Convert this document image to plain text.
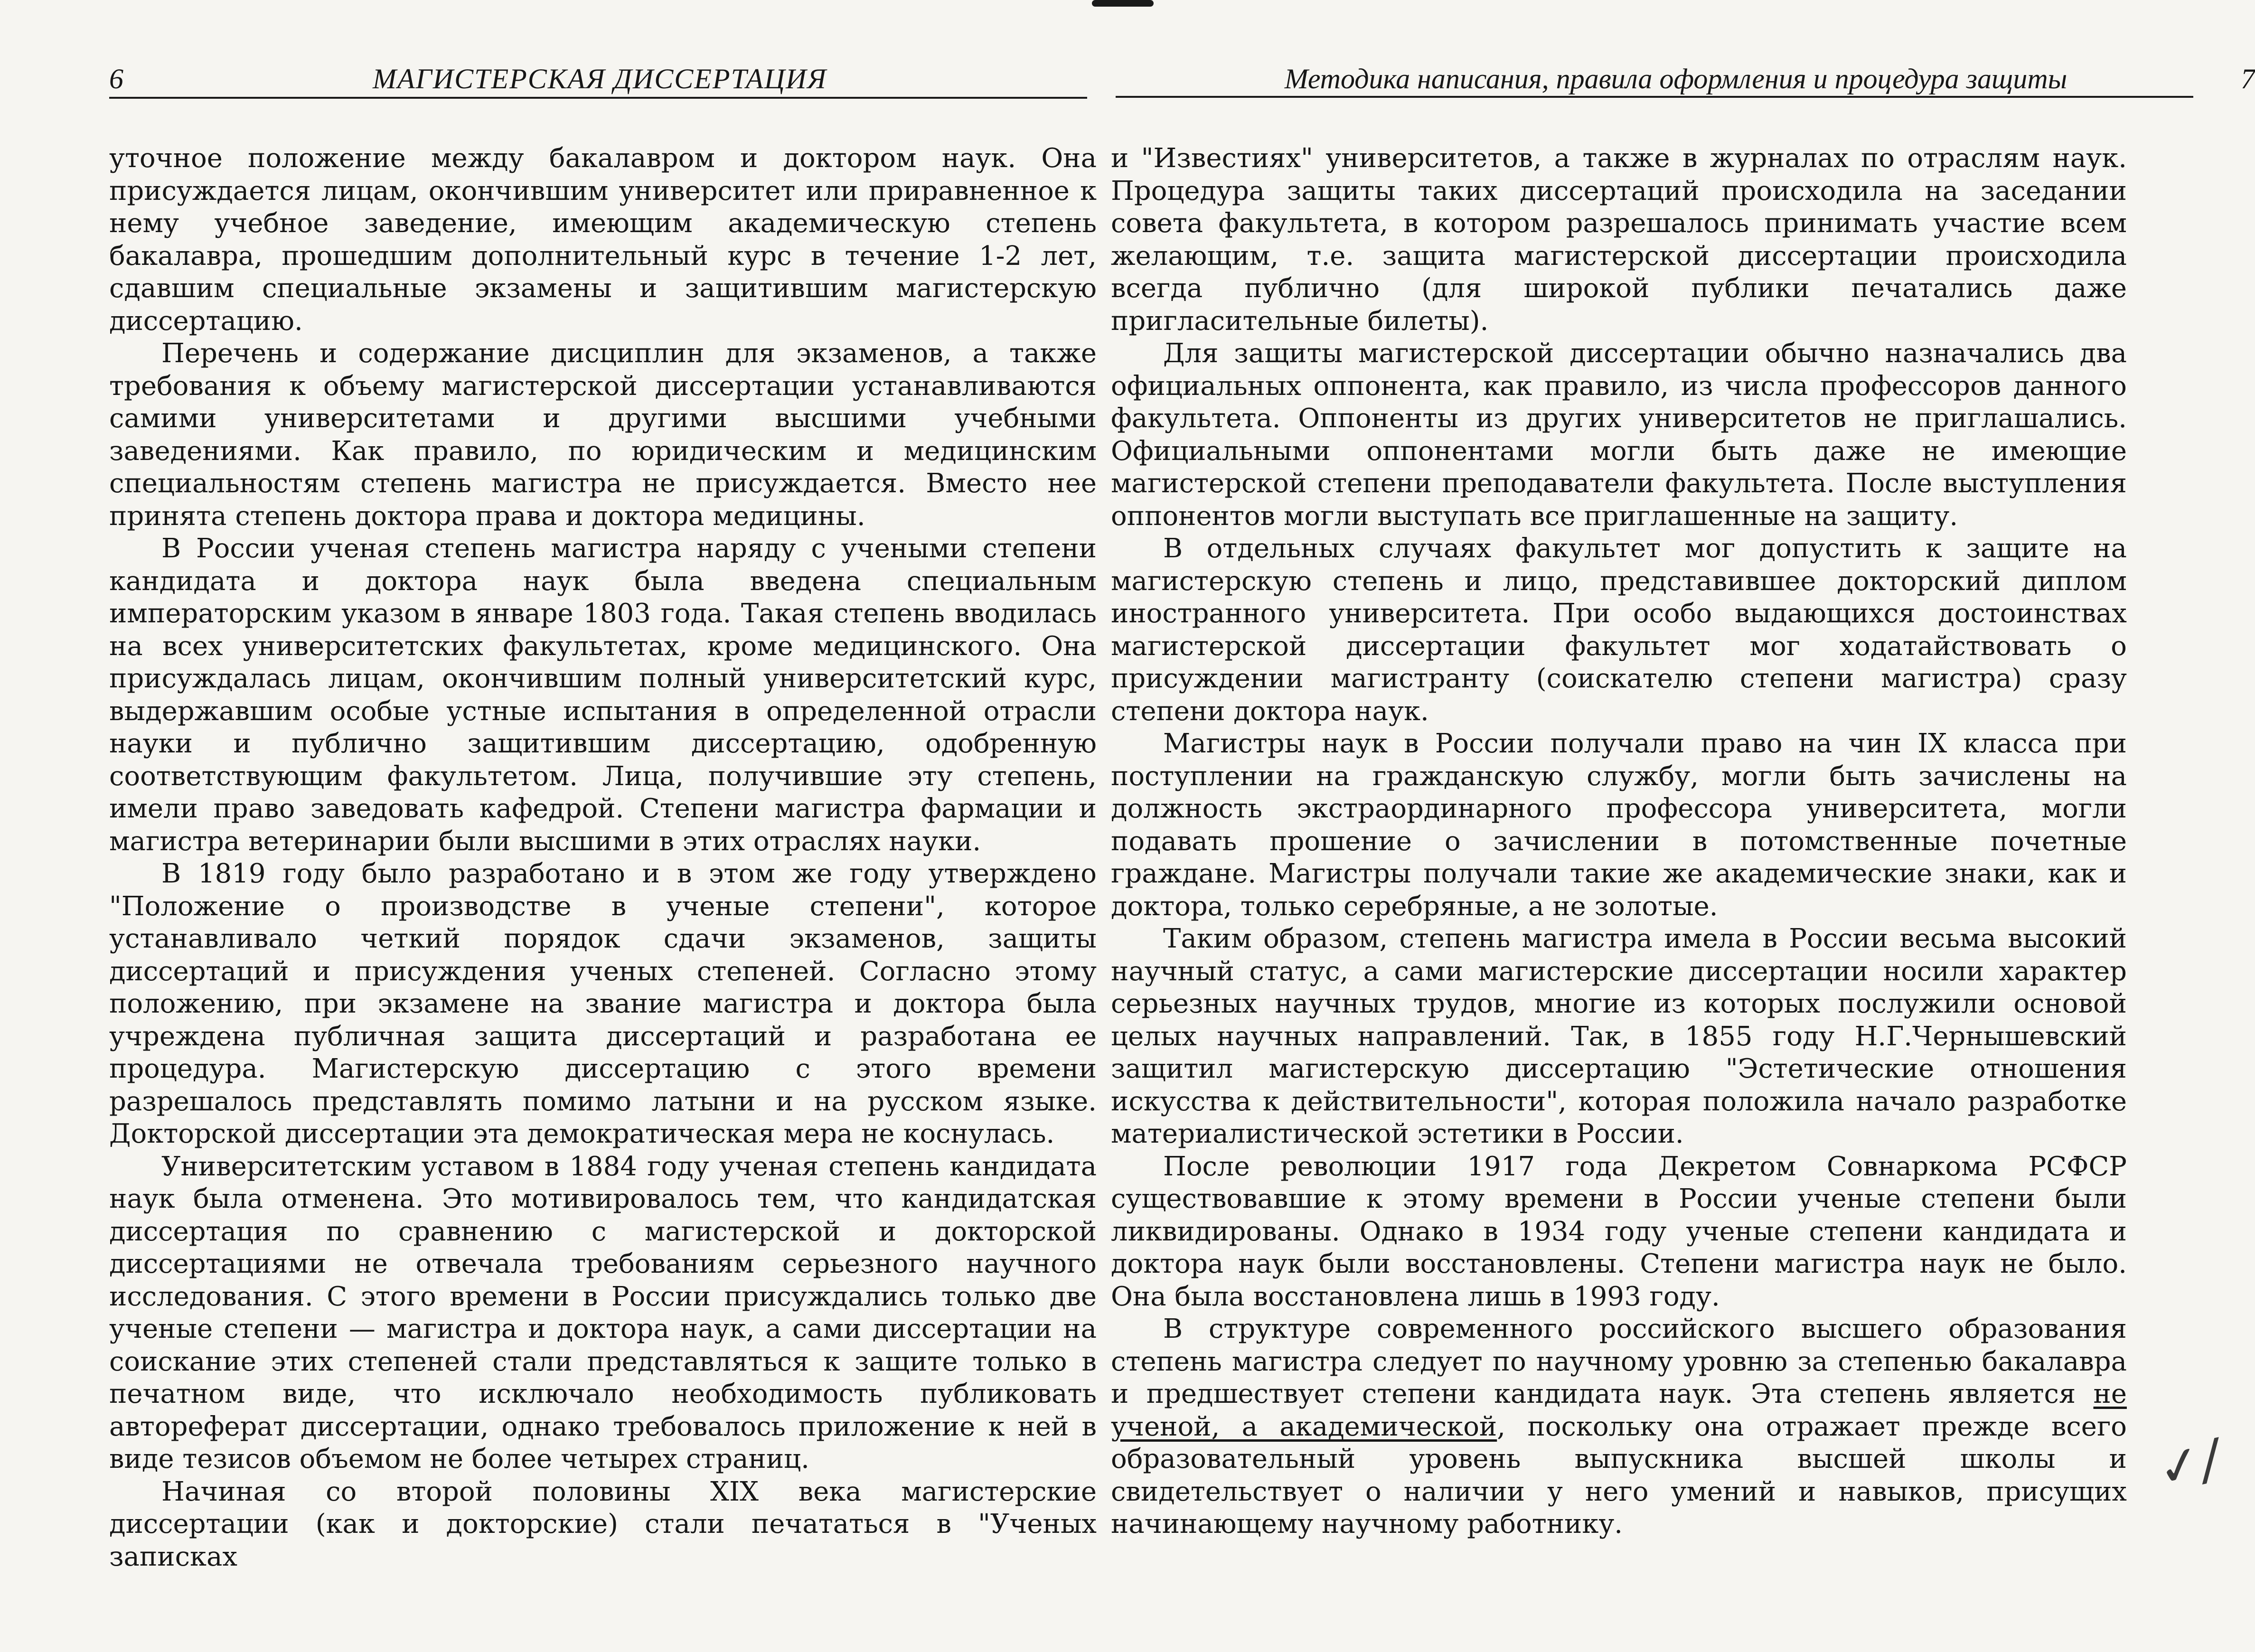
6	МАГИСТЕРСКАЯ ДИССЕРТАЦИЯ

уточное положение между бакалавром и доктором наук. Она присуждается лицам, окончившим университет или приравненное к нему учебное заведение, имеющим академическую степень бакалавра, прошедшим дополнительный курс в течение 1-2 лет, сдавшим специальные экзамены и защитившим магистерскую диссертацию.

Перечень и содержание дисциплин для экзаменов, а также требования к объему магистерской диссертации устанавливаются самими университетами и другими высшими учебными заведениями. Как правило, по юридическим и медицинским специальностям степень магистра не присуждается. Вместо нее принята степень доктора права и доктора медицины.

В России ученая степень магистра наряду с учеными степени кандидата и доктора наук была введена специальным императорским указом в январе 1803 года. Такая степень вводилась на всех университетских факультетах, кроме медицинского. Она присуждалась лицам, окончившим полный университетский курс, выдержавшим особые устные испытания в определенной отрасли науки и публично защитившим диссертацию, одобренную соответствующим факультетом. Лица, получившие эту степень, имели право заведовать кафедрой. Степени магистра фармации и магистра ветеринарии были высшими в этих отраслях науки.

В 1819 году было разработано и в этом же году утверждено "Положение о производстве в ученые степени", которое устанавливало четкий порядок сдачи экзаменов, защиты диссертаций и присуждения ученых степеней. Согласно этому положению, при экзамене на звание магистра и доктора была учреждена публичная защита диссертаций и разработана ее процедура. Магистерскую диссертацию с этого времени разрешалось представлять помимо латыни и на русском языке. Докторской диссертации эта демократическая мера не коснулась.

Университетским уставом в 1884 году ученая степень кандидата наук была отменена. Это мотивировалось тем, что кандидатская диссертация по сравнению с магистерской и докторской диссертациями не отвечала требованиям серьезного научного исследования. С этого времени в России присуждались только две ученые степени — магистра и доктора наук, а сами диссертации на соискание этих степеней стали представляться к защите только в печатном виде, что исключало необходимость публиковать автореферат диссертации, однако требовалось приложение к ней в виде тезисов объемом не более четырех страниц.

Начиная со второй половины XIX века магистерские диссертации (как и докторские) стали печататься в "Ученых записках

Методика написания, правила оформления и процедура защиты	7

и "Известиях" университетов, а также в журналах по отраслям наук. Процедура защиты таких диссертаций происходила на заседании совета факультета, в котором разрешалось принимать участие всем желающим, т.е. защита магистерской диссертации происходила всегда публично (для широкой публики печатались даже пригласительные билеты).

Для защиты магистерской диссертации обычно назначались два официальных оппонента, как правило, из числа профессоров данного факультета. Оппоненты из других университетов не приглашались. Официальными оппонентами могли быть даже не имеющие магистерской степени преподаватели факультета. После выступления оппонентов могли выступать все приглашенные на защиту.

В отдельных случаях факультет мог допустить к защите на магистерскую степень и лицо, представившее докторский диплом иностранного университета. При особо выдающихся достоинствах магистерской диссертации факультет мог ходатайствовать о присуждении магистранту (соискателю степени магистра) сразу степени доктора наук.

Магистры наук в России получали право на чин IX класса при поступлении на гражданскую службу, могли быть зачислены на должность экстраординарного профессора университета, могли подавать прошение о зачислении в потомственные почетные граждане. Магистры получали такие же академические знаки, как и доктора, только серебряные, а не золотые.

Таким образом, степень магистра имела в России весьма высокий научный статус, а сами магистерские диссертации носили характер серьезных научных трудов, многие из которых послужили основой целых научных направлений. Так, в 1855 году Н.Г.Чернышевский защитил магистерскую диссертацию "Эстетические отношения искусства к действительности", которая положила начало разработке материалистической эстетики в России.

После революции 1917 года Декретом Совнаркома РСФСР существовавшие к этому времени в России ученые степени были ликвидированы. Однако в 1934 году ученые степени кандидата и доктора наук были восстановлены. Степени магистра наук не было. Она была восстановлена лишь в 1993 году.

В структуре современного российского высшего образования степень магистра следует по научному уровню за степенью бакалавра и предшествует степени кандидата наук. Эта степень является не ученой, а академической, поскольку она отражает прежде всего образовательный уровень выпускника высшей школы и свидетельствует о наличии у него умений и навыков, присущих начинающему научному работнику.

✓∕
